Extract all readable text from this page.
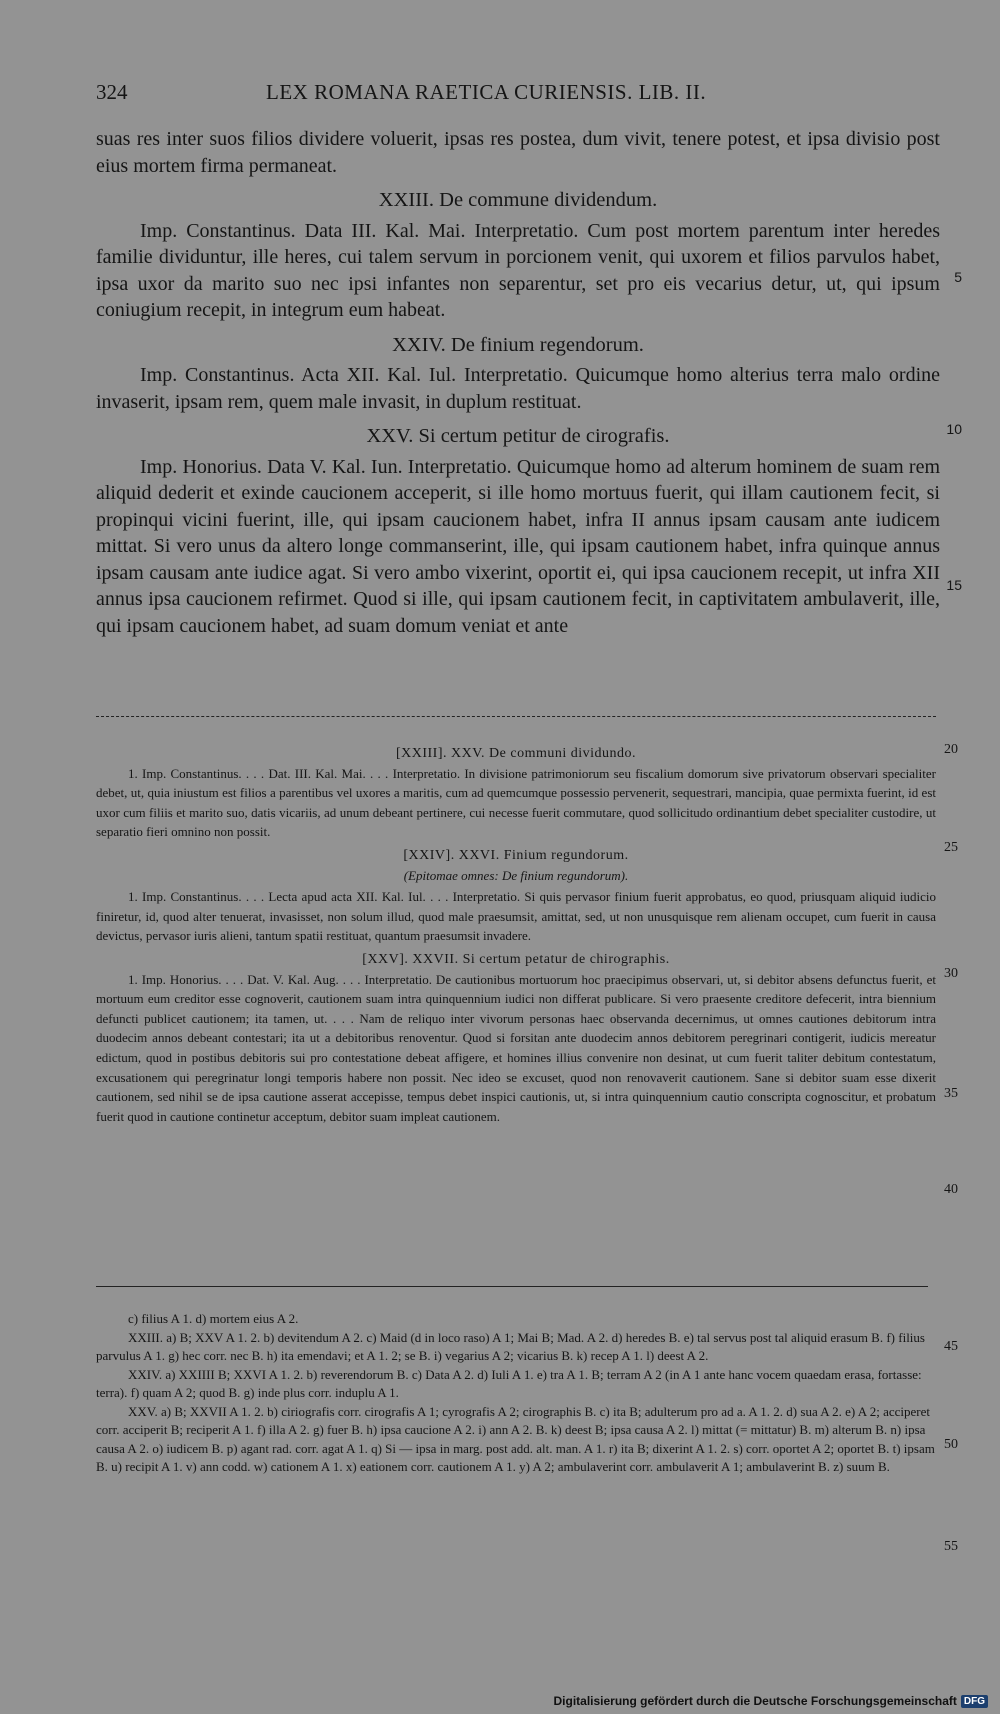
324	LEX ROMANA RAETICA CURIENSIS. LIB. II.

suas res inter suos filios dividere voluerit, ipsas res postea, dum vivit, tenere potest, et ipsa divisio post eius mortem firma permaneat.

XXIII. De commune dividendum.

Imp. Constantinus. Data III. Kal. Mai. Interpretatio. Cum post mortem parentum inter heredes familie dividuntur, ille heres, cui talem servum in porcionem venit, qui uxorem et filios parvulos habet, ipsa uxor da marito suo nec ipsi infantes non separentur, set pro eis vecarius detur, ut, qui ipsum coniugium recepit, in integrum eum habeat.

XXIV. De finium regendorum.

Imp. Constantinus. Acta XII. Kal. Iul. Interpretatio. Quicumque homo alterius terra malo ordine invaserit, ipsam rem, quem male invasit, in duplum restituat.

XXV. Si certum petitur de cirografis.

Imp. Honorius. Data V. Kal. Iun. Interpretatio. Quicumque homo ad alterum hominem de suam rem aliquid dederit et exinde caucionem acceperit, si ille homo mortuus fuerit, qui illam cautionem fecit, si propinqui vicini fuerint, ille, qui ipsam caucionem habet, infra II annus ipsam causam ante iudicem mittat. Si vero unus da altero longe commanserint, ille, qui ipsam cautionem habet, infra quinque annus ipsam causam ante iudice agat. Si vero ambo vixerint, oportit ei, qui ipsa caucionem recepit, ut infra XII annus ipsa caucionem refirmet. Quod si ille, qui ipsam cautionem fecit, in captivitatem ambulaverit, ille, qui ipsam caucionem habet, ad suam domum veniat et ante

5
10
15
[XXIII]. XXV. De communi dividundo.

1. Imp. Constantinus. . . . Dat. III. Kal. Mai. . . . Interpretatio. In divisione patrimoniorum seu fiscalium domorum sive privatorum observari specialiter debet, ut, quia iniustum est filios a parentibus vel uxores a maritis, cum ad quemcumque possessio pervenerit, sequestrari, mancipia, quae permixta fuerint, id est uxor cum filiis et marito suo, datis vicariis, ad unum debeant pertinere, cui necesse fuerit commutare, quod sollicitudo ordinantium debet specialiter custodire, ut separatio fieri omnino non possit.

[XXIV]. XXVI. Finium regundorum.

(Epitomae omnes: De finium regundorum).

1. Imp. Constantinus. . . . Lecta apud acta XII. Kal. Iul. . . . Interpretatio. Si quis pervasor finium fuerit approbatus, eo quod, priusquam aliquid iudicio finiretur, id, quod alter tenuerat, invasisset, non solum illud, quod male praesumsit, amittat, sed, ut non unusquisque rem alienam occupet, cum fuerit in causa devictus, pervasor iuris alieni, tantum spatii restituat, quantum praesumsit invadere.

[XXV]. XXVII. Si certum petatur de chirographis.

1. Imp. Honorius. . . . Dat. V. Kal. Aug. . . . Interpretatio. De cautionibus mortuorum hoc praecipimus observari, ut, si debitor absens defunctus fuerit, et mortuum eum creditor esse cognoverit, cautionem suam intra quinquennium iudici non differat publicare. Si vero praesente creditore defecerit, intra biennium defuncti publicet cautionem; ita tamen, ut. . . . Nam de reliquo inter vivorum personas haec observanda decernimus, ut omnes cautiones debitorum intra duodecim annos debeant contestari; ita ut a debitoribus renoventur. Quod si forsitan ante duodecim annos debitorem peregrinari contigerit, iudicis mereatur edictum, quod in postibus debitoris sui pro contestatione debeat affigere, et homines illius convenire non desinat, ut cum fuerit taliter debitum contestatum, excusationem qui peregrinatur longi temporis habere non possit. Nec ideo se excuset, quod non renovaverit cautionem. Sane si debitor suam esse dixerit cautionem, sed nihil se de ipsa cautione asserat accepisse, tempus debet inspici cautionis, ut, si intra quinquennium cautio conscripta cognoscitur, et probatum fuerit quod in cautione continetur acceptum, debitor suam impleat cautionem.

20
25
30
35
40

c) filius A 1. d) mortem eius A 2.

XXIII. a) B; XXV A 1. 2. b) devitendum A 2. c) Maid (d in loco raso) A 1; Mai B; Mad. A 2. d) heredes B. e) tal servus post tal aliquid erasum B. f) filius parvulus A 1. g) hec corr. nec B. h) ita emendavi; et A 1. 2; se B. i) vegarius A 2; vicarius B. k) recep A 1. l) deest A 2.

XXIV. a) XXIIII B; XXVI A 1. 2. b) reverendorum B. c) Data A 2. d) Iuli A 1. e) tra A 1. B; terram A 2 (in A 1 ante hanc vocem quaedam erasa, fortasse: terra). f) quam A 2; quod B. g) inde plus corr. induplu A 1.

XXV. a) B; XXVII A 1. 2. b) ciriografis corr. cirografis A 1; cyrografis A 2; cirographis B. c) ita B; adulterum pro ad a. A 1. 2. d) sua A 2. e) A 2; acciperet corr. acciperit B; reciperit A 1. f) illa A 2. g) fuer B. h) ipsa caucione A 2. i) ann A 2. B. k) deest B; ipsa causa A 2. l) mittat (= mittatur) B. m) alterum B. n) ipsa causa A 2. o) iudicem B. p) agant rad. corr. agat A 1. q) Si — ipsa in marg. post add. alt. man. A 1. r) ita B; dixerint A 1. 2. s) corr. oportet A 2; oportet B. t) ipsam B. u) recipit A 1. v) ann codd. w) cationem A 1. x) eationem corr. cautionem A 1. y) A 2; ambulaverint corr. ambulaverit A 1; ambulaverint B. z) suum B.

45
50
55
Digitalisierung gefördert durch die Deutsche Forschungsgemeinschaft DFG
